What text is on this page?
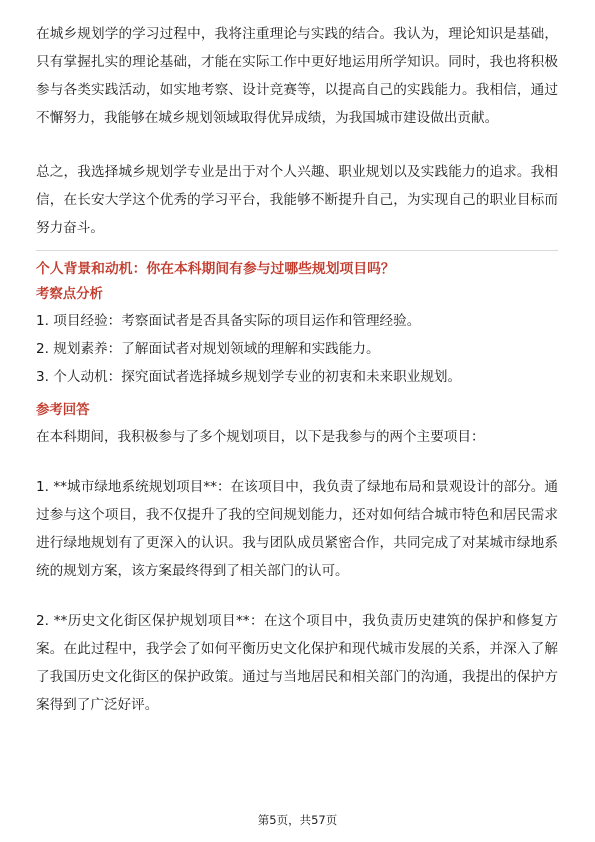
在城乡规划学的学习过程中，我将注重理论与实践的结合。我认为，理论知识是基础，只有掌握扎实的理论基础，才能在实际工作中更好地运用所学知识。同时，我也将积极参与各类实践活动，如实地考察、设计竞赛等，以提高自己的实践能力。我相信，通过不懈努力，我能够在城乡规划领域取得优异成绩，为我国城市建设做出贡献。

总之，我选择城乡规划学专业是出于对个人兴趣、职业规划以及实践能力的追求。我相信，在长安大学这个优秀的学习平台，我能够不断提升自己，为实现自己的职业目标而努力奋斗。

个人背景和动机：你在本科期间有参与过哪些规划项目吗？

考察点分析

1. 项目经验：考察面试者是否具备实际的项目运作和管理经验。

2. 规划素养：了解面试者对规划领域的理解和实践能力。

3. 个人动机：探究面试者选择城乡规划学专业的初衷和未来职业规划。

参考回答

在本科期间，我积极参与了多个规划项目，以下是我参与的两个主要项目：

1. **城市绿地系统规划项目**：在该项目中，我负责了绿地布局和景观设计的部分。通过参与这个项目，我不仅提升了我的空间规划能力，还对如何结合城市特色和居民需求进行绿地规划有了更深入的认识。我与团队成员紧密合作，共同完成了对某城市绿地系统的规划方案，该方案最终得到了相关部门的认可。

2. **历史文化街区保护规划项目**：在这个项目中，我负责历史建筑的保护和修复方案。在此过程中，我学会了如何平衡历史文化保护和现代城市发展的关系，并深入了解了我国历史文化街区的保护政策。通过与当地居民和相关部门的沟通，我提出的保护方案得到了广泛好评。

第5页，共57页
